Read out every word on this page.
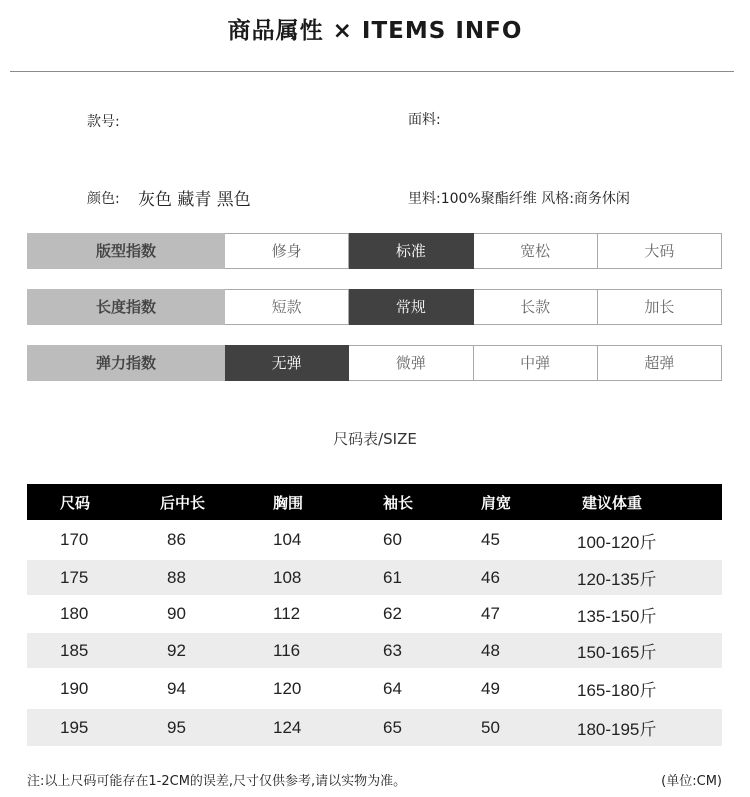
商品属性 × ITEMS INFO
款号:	面料:
颜色: 灰色 藏青 黑色	里料:100%聚酯纤维 风格:商务休闲
版型指数	修身	标准	宽松	大码
长度指数	短款	常规	长款	加长
弹力指数	无弹	微弹	中弹	超弹
尺码表/SIZE
尺码	后中长	胸围	袖长	肩宽	建议体重
170	86	104	60	45	100-120斤
175	88	108	61	46	120-135斤
180	90	112	62	47	135-150斤
185	92	116	63	48	150-165斤
190	94	120	64	49	165-180斤
195	95	124	65	50	180-195斤
注:以上尺码可能存在1-2CM的误差,尺寸仅供参考,请以实物为准。	(单位:CM)
